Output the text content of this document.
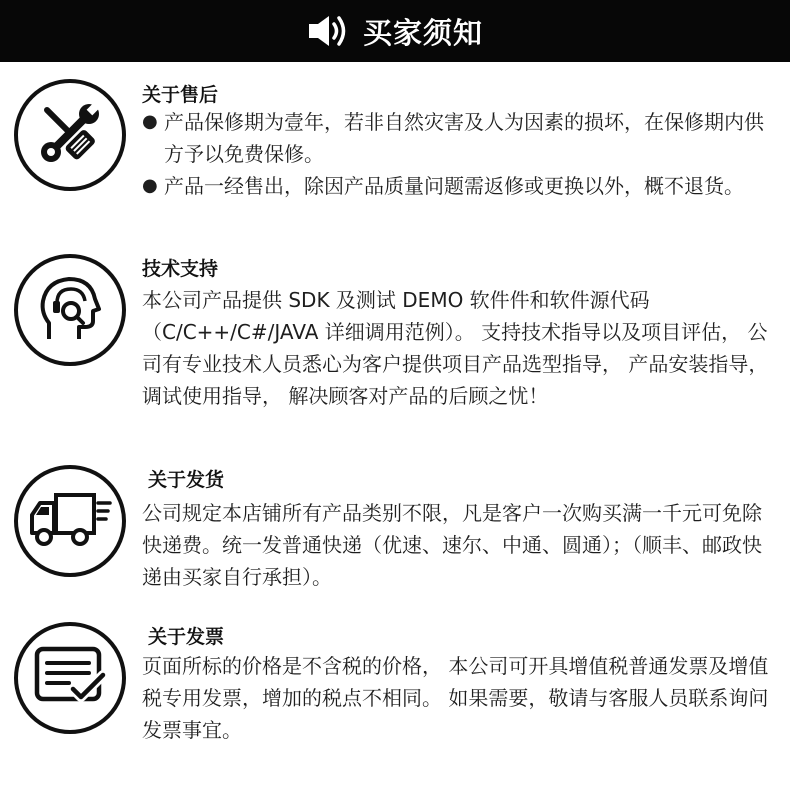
买家须知
关于售后
● 产品保修期为壹年，若非自然灾害及人为因素的损坏，在保修期内供方予以免费保修。
● 产品一经售出，除因产品质量问题需返修或更换以外，概不退货。
技术支持
本公司产品提供 SDK 及测试 DEMO 软件件和软件源代码（C/C++/C#/JAVA 详细调用范例）。 支持技术指导以及项目评估， 公司有专业技术人员悉心为客户提供项目产品选型指导， 产品安装指导， 调试使用指导， 解决顾客对产品的后顾之忧！
关于发货
公司规定本店铺所有产品类别不限，凡是客户一次购买满一千元可免除快递费。统一发普通快递（优速、速尔、中通、圆通）；（顺丰、邮政快递由买家自行承担）。
关于发票
页面所标的价格是不含税的价格， 本公司可开具增值税普通发票及增值税专用发票，增加的税点不相同。 如果需要，敬请与客服人员联系询问发票事宜。
